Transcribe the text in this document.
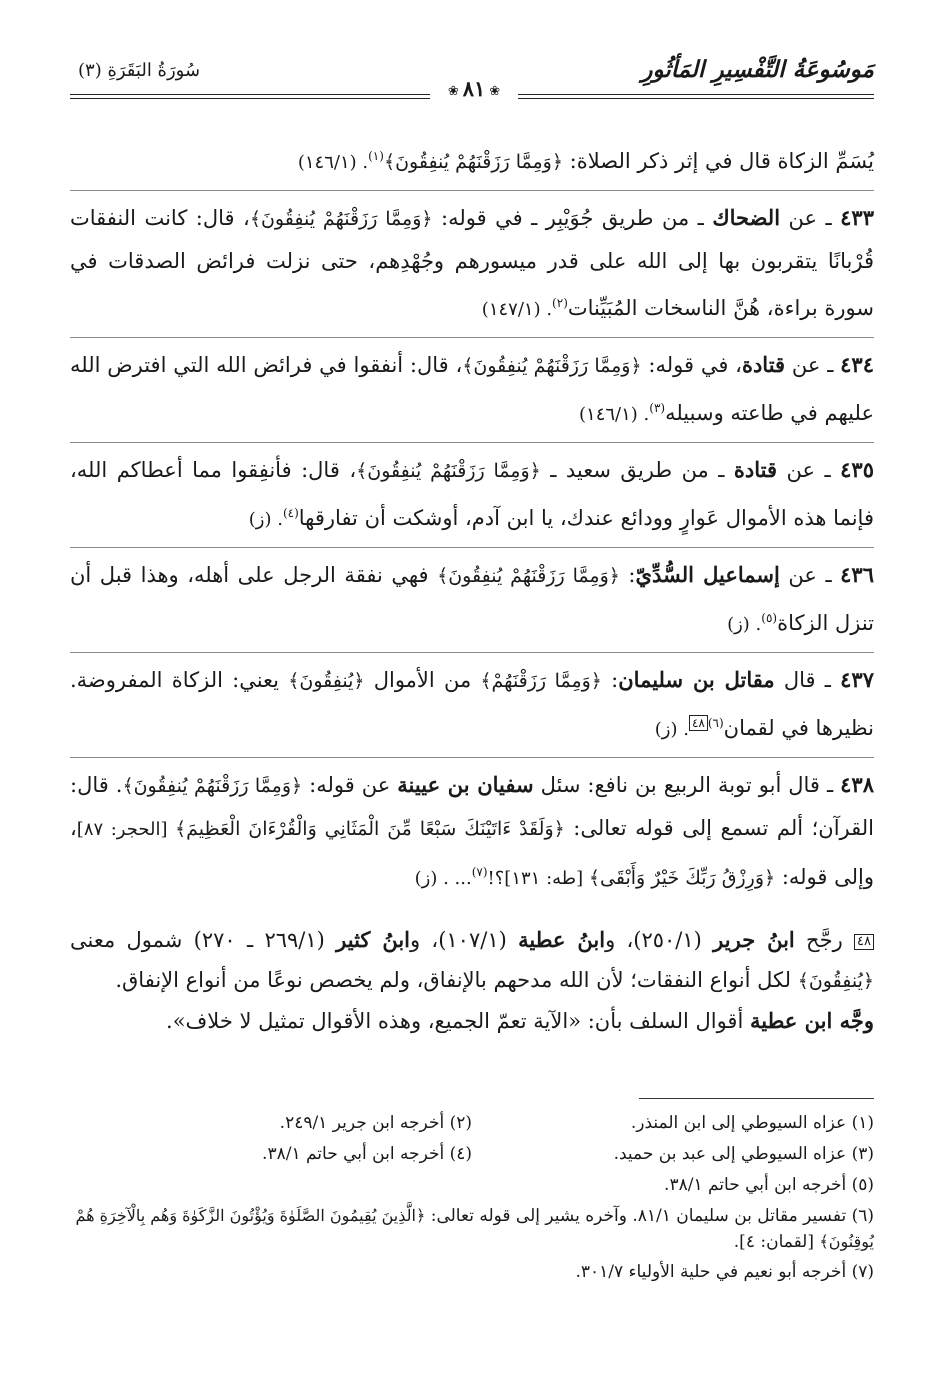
مَوسُوعَةُ التَّفْسِيرِ المَأثُورِ
❀٨١❀
سُورَةُ البَقَرَةِ (٣)

يُسَمِّ الزكاة قال في إثر ذكر الصلاة: ﴿وَمِمَّا رَزَقْنَهُمْ يُنفِقُونَ﴾$^{(١)}$. (١٤٦/١)

٤٣٣ ـ عن الضحاك ـ من طريق جُوَيْبِر ـ في قوله: ﴿وَمِمَّا رَزَقْنَهُمْ يُنفِقُونَ﴾، قال: كانت النفقات قُرْبانًا يتقربون بها إلى الله على قدر ميسورهم وجُهْدِهم، حتى نزلت فرائض الصدقات في سورة براءة، هُنَّ الناسخات المُبَيِّنات$^{(٢)}$. (١٤٧/١)

٤٣٤ ـ عن قتادة، في قوله: ﴿وَمِمَّا رَزَقْنَهُمْ يُنفِقُونَ﴾، قال: أنفقوا في فرائض الله التي افترض الله عليهم في طاعته وسبيله$^{(٣)}$. (١٤٦/١)

٤٣٥ ـ عن قتادة ـ من طريق سعيد ـ ﴿وَمِمَّا رَزَقْنَهُمْ يُنفِقُونَ﴾، قال: فأنفِقوا مما أعطاكم الله، فإنما هذه الأموال عَوارٍ وودائع عندك، يا ابن آدم، أوشكت أن تفارقها$^{(٤)}$. (ز)

٤٣٦ ـ عن إسماعيل السُّدِّيّ: ﴿وَمِمَّا رَزَقْنَهُمْ يُنفِقُونَ﴾ فهي نفقة الرجل على أهله، وهذا قبل أن تنزل الزكاة$^{(٥)}$. (ز)

٤٣٧ ـ قال مقاتل بن سليمان: ﴿وَمِمَّا رَزَقْنَهُمْ﴾ من الأموال ﴿يُنفِقُونَ﴾ يعني: الزكاة المفروضة. نظيرها في لقمان$^{(٦)}$٤٨. (ز)

٤٣٨ ـ قال أبو توبة الربيع بن نافع: سئل سفيان بن عيينة عن قوله: ﴿وَمِمَّا رَزَقْنَهُمْ يُنفِقُونَ﴾. قال: القرآن؛ ألم تسمع إلى قوله تعالى: ﴿وَلَقَدْ ءَاتَيْنَكَ سَبْعًا مِّنَ الْمَثَانِي وَالْقُرْءَانَ الْعَظِيمَ﴾ [الحجر: ٨٧]، وإلى قوله: ﴿وَرِزْقُ رَبِّكَ خَيْرٌ وَأَبْقَى﴾ [طه: ١٣١]؟!$^{(٧)}$... . (ز)

٤٨ رجَّح ابنُ جرير (٢٥٠/١)، وابنُ عطية (١٠٧/١)، وابنُ كثير (٢٦٩/١ ـ ٢٧٠) شمول معنى ﴿يُنفِقُونَ﴾ لكل أنواع النفقات؛ لأن الله مدحهم بالإنفاق، ولم يخصص نوعًا من أنواع الإنفاق.

وجَّه ابن عطية أقوال السلف بأن: «الآية تعمّ الجميع، وهذه الأقوال تمثيل لا خلاف».

(١) عزاه السيوطي إلى ابن المنذر.
(٢) أخرجه ابن جرير ٢٤٩/١.
(٣) عزاه السيوطي إلى عبد بن حميد.
(٤) أخرجه ابن أبي حاتم ٣٨/١.
(٥) أخرجه ابن أبي حاتم ٣٨/١.
(٦) تفسير مقاتل بن سليمان ٨١/١. وآخره يشير إلى قوله تعالى: ﴿الَّذِينَ يُقِيمُونَ الصَّلَوٰةَ وَيُؤْتُونَ الزَّكَوٰةَ وَهُم بِالْآخِرَةِ هُمْ يُوقِنُونَ﴾ [لقمان: ٤].
(٧) أخرجه أبو نعيم في حلية الأولياء ٣٠١/٧.
